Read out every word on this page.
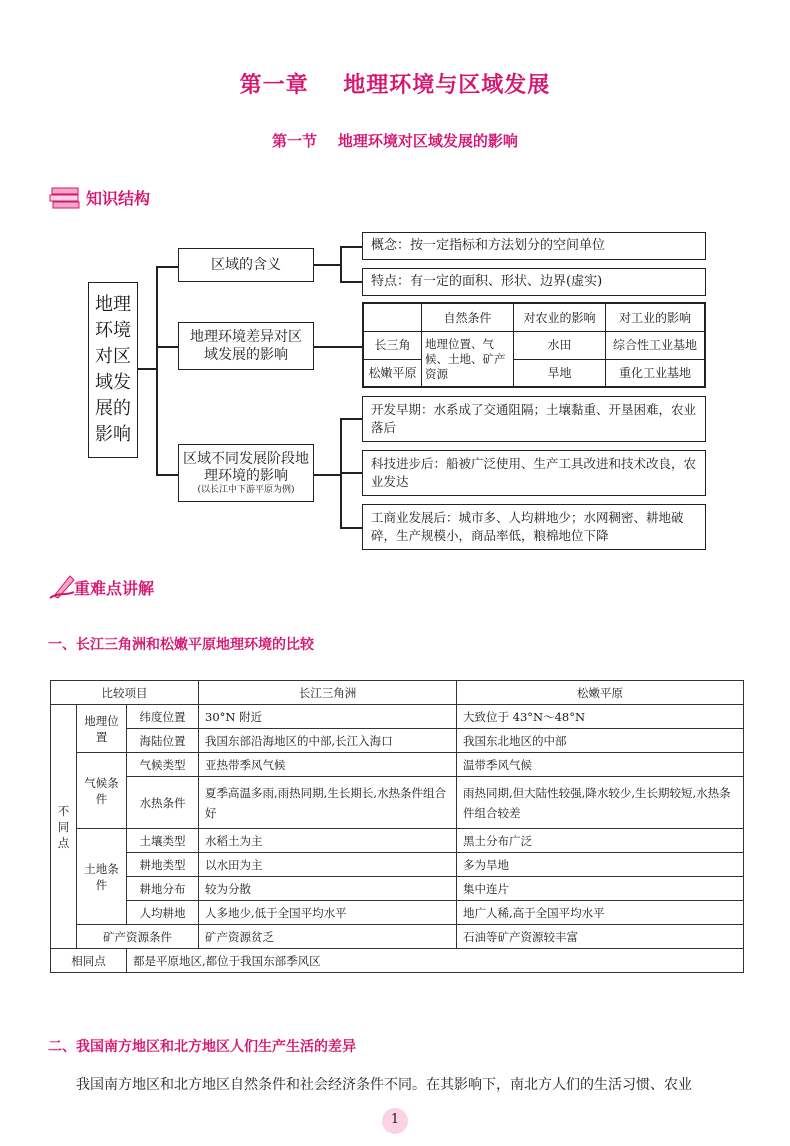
第一章    地理环境与区域发展
第一节    地理环境对区域发展的影响
知识结构
地理环境对区域发展的影响
区域的含义
概念：按一定指标和方法划分的空间单位
特点：有一定的面积、形状、边界(虚实)
地理环境差异对区域发展的影响
	自然条件	对农业的影响	对工业的影响
长三角	地理位置、气候、土地、矿产资源	水田	综合性工业基地
松嫩平原		旱地	重化工业基地
区域不同发展阶段地理环境的影响
(以长江中下游平原为例)
开发早期：水系成了交通阻隔；土壤黏重、开垦困难，农业落后
科技进步后：船被广泛使用、生产工具改进和技术改良，农业发达
工商业发展后：城市多、人均耕地少；水网稠密、耕地破碎，生产规模小，商品率低，粮棉地位下降
重难点讲解
一、长江三角洲和松嫩平原地理环境的比较
比较项目			长江三角洲	松嫩平原
不同点	地理位置	纬度位置	30°N 附近	大致位于 43°N～48°N
		海陆位置	我国东部沿海地区的中部,长江入海口	我国东北地区的中部
	气候条件	气候类型	亚热带季风气候	温带季风气候
		水热条件	夏季高温多雨,雨热同期,生长期长,水热条件组合好	雨热同期,但大陆性较强,降水较少,生长期较短,水热条件组合较差
	土地条件	土壤类型	水稻土为主	黑土分布广泛
		耕地类型	以水田为主	多为旱地
		耕地分布	较为分散	集中连片
		人均耕地	人多地少,低于全国平均水平	地广人稀,高于全国平均水平
	矿产资源条件		矿产资源贫乏	石油等矿产资源较丰富
相同点		都是平原地区,都位于我国东部季风区		
二、我国南方地区和北方地区人们生产生活的差异
我国南方地区和北方地区自然条件和社会经济条件不同。在其影响下，南北方人们的生活习惯、农业
1
